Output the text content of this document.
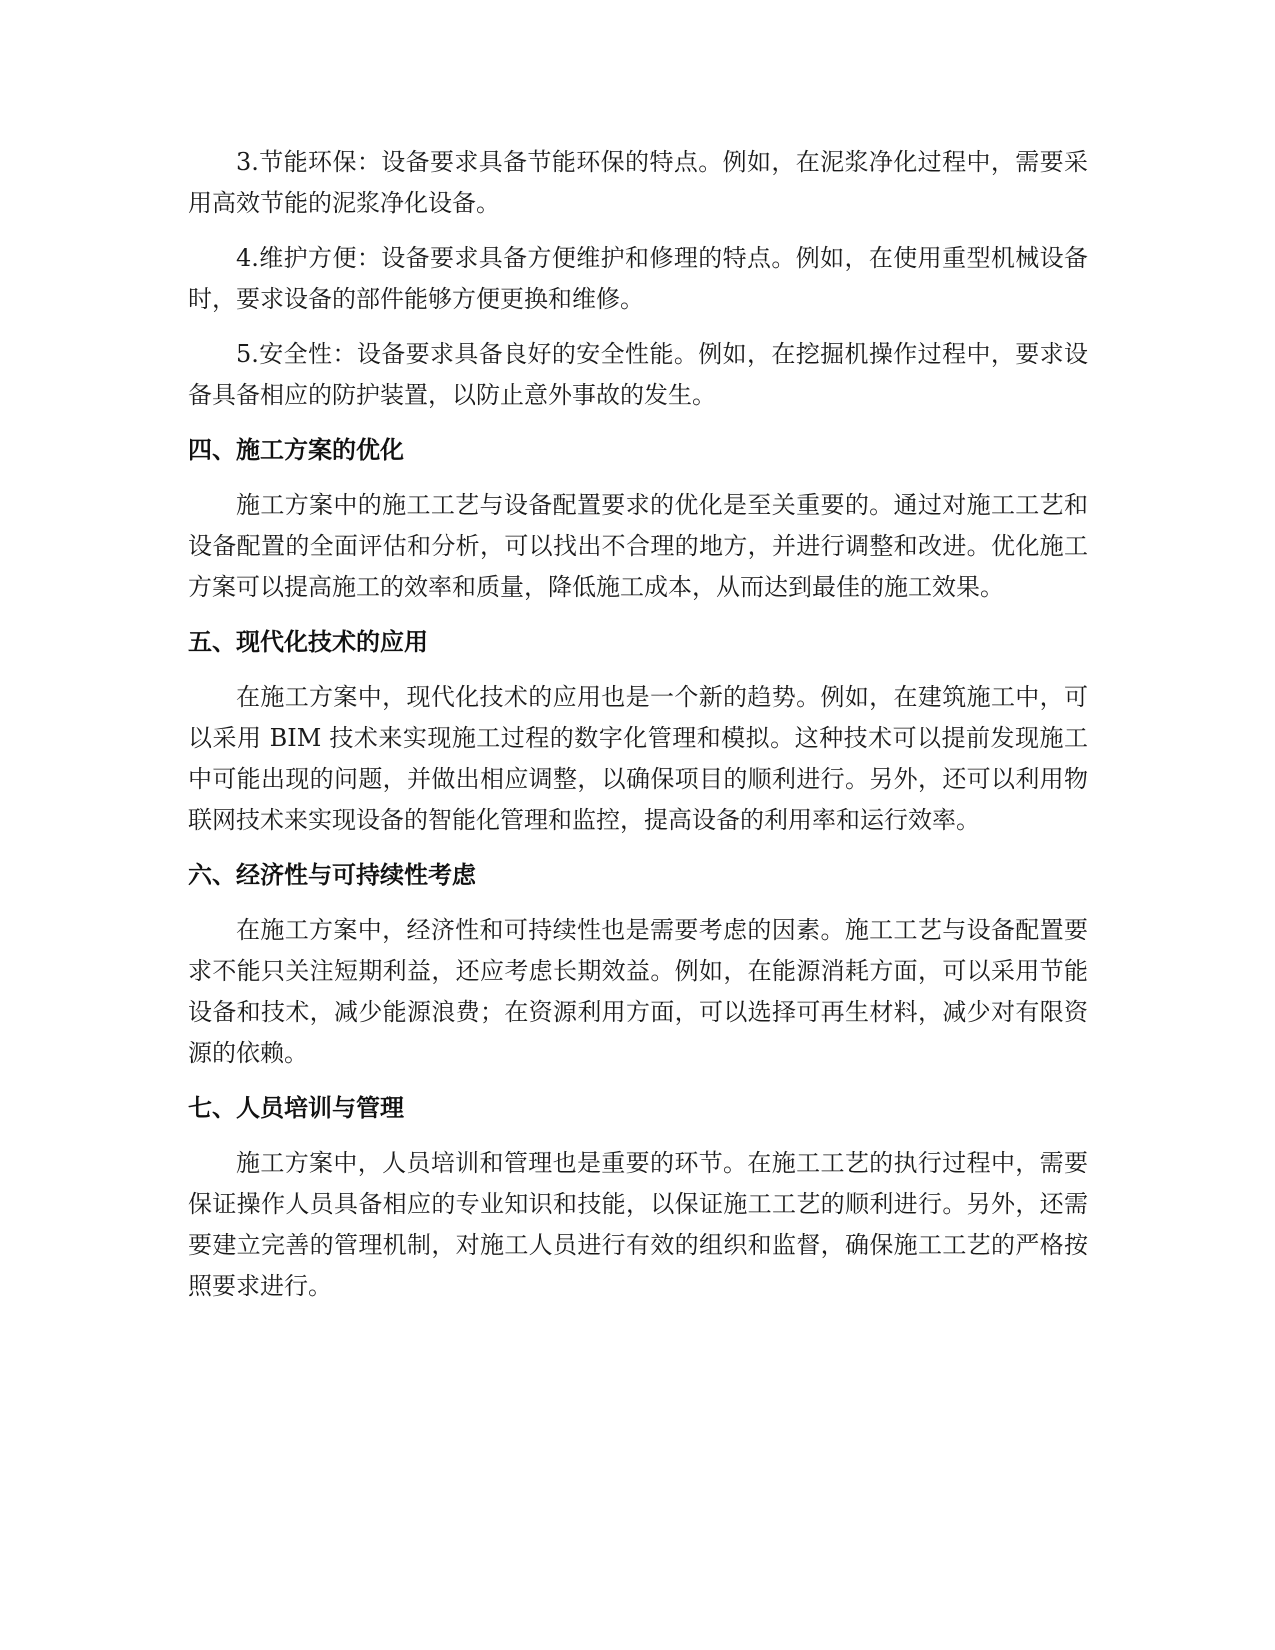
3.节能环保：设备要求具备节能环保的特点。例如，在泥浆净化过程中，需要采用高效节能的泥浆净化设备。

4.维护方便：设备要求具备方便维护和修理的特点。例如，在使用重型机械设备时，要求设备的部件能够方便更换和维修。

5.安全性：设备要求具备良好的安全性能。例如，在挖掘机操作过程中，要求设备具备相应的防护装置，以防止意外事故的发生。

四、施工方案的优化

施工方案中的施工工艺与设备配置要求的优化是至关重要的。通过对施工工艺和设备配置的全面评估和分析，可以找出不合理的地方，并进行调整和改进。优化施工方案可以提高施工的效率和质量，降低施工成本，从而达到最佳的施工效果。

五、现代化技术的应用

在施工方案中，现代化技术的应用也是一个新的趋势。例如，在建筑施工中，可以采用 BIM 技术来实现施工过程的数字化管理和模拟。这种技术可以提前发现施工中可能出现的问题，并做出相应调整，以确保项目的顺利进行。另外，还可以利用物联网技术来实现设备的智能化管理和监控，提高设备的利用率和运行效率。

六、经济性与可持续性考虑

在施工方案中，经济性和可持续性也是需要考虑的因素。施工工艺与设备配置要求不能只关注短期利益，还应考虑长期效益。例如，在能源消耗方面，可以采用节能设备和技术，减少能源浪费；在资源利用方面，可以选择可再生材料，减少对有限资源的依赖。

七、人员培训与管理

施工方案中，人员培训和管理也是重要的环节。在施工工艺的执行过程中，需要保证操作人员具备相应的专业知识和技能，以保证施工工艺的顺利进行。另外，还需要建立完善的管理机制，对施工人员进行有效的组织和监督，确保施工工艺的严格按照要求进行。
